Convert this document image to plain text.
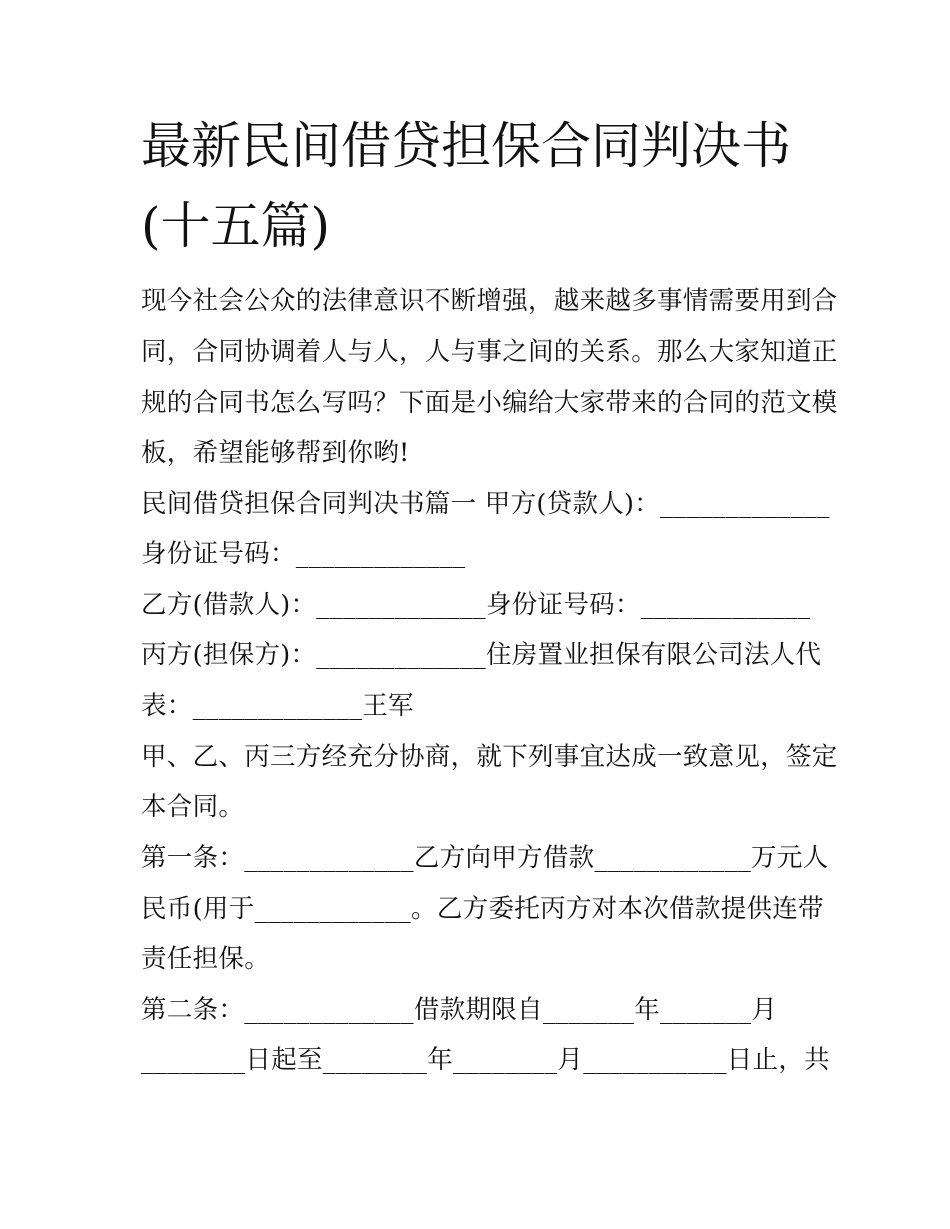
最新民间借贷担保合同判决书
(十五篇)
现今社会公众的法律意识不断增强，越来越多事情需要用到合
同，合同协调着人与人，人与事之间的关系。那么大家知道正
规的合同书怎么写吗？下面是小编给大家带来的合同的范文模
板，希望能够帮到你哟!
民间借贷担保合同判决书篇一 甲方(贷款人)：_____________
身份证号码：_____________
乙方(借款人)：_____________身份证号码：_____________
丙方(担保方)：_____________住房置业担保有限公司法人代
表：_____________王军
甲、乙、丙三方经充分协商，就下列事宜达成一致意见，签定
本合同。
第一条：_____________乙方向甲方借款____________万元人
民币(用于____________。乙方委托丙方对本次借款提供连带
责任担保。
第二条：_____________借款期限自_______年_______月
________日起至________年________月___________日止，共
